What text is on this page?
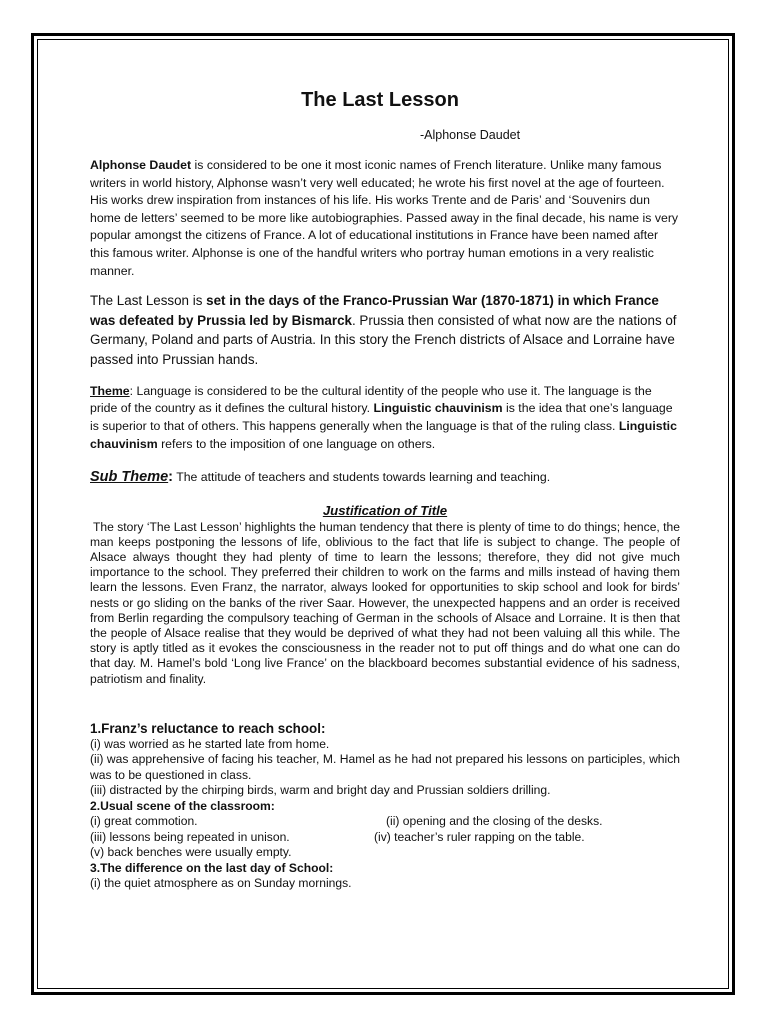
The Last Lesson
-Alphonse Daudet

Alphonse Daudet is considered to be one it most iconic names of French literature. Unlike many famous writers in world history, Alphonse wasn’t very well educated; he wrote his first novel at the age of fourteen. His works drew inspiration from instances of his life. His works Trente and de Paris’ and ‘Souvenirs dun home de letters’ seemed to be more like autobiographies. Passed away in the final decade, his name is very popular amongst the citizens of France. A lot of educational institutions in France have been named after this famous writer. Alphonse is one of the handful writers who portray human emotions in a very realistic manner.

The Last Lesson is set in the days of the Franco-Prussian War (1870-1871) in which France was defeated by Prussia led by Bismarck. Prussia then consisted of what now are the nations of Germany, Poland and parts of Austria. In this story the French districts of Alsace and Lorraine have passed into Prussian hands.

Theme: Language is considered to be the cultural identity of the people who use it. The language is the pride of the country as it defines the cultural history. Linguistic chauvinism is the idea that one’s language is superior to that of others. This happens generally when the language is that of the ruling class. Linguistic chauvinism refers to the imposition of one language on others.

Sub Theme: The attitude of teachers and students towards learning and teaching.

Justification of Title

The story ‘The Last Lesson’ highlights the human tendency that there is plenty of time to do things; hence, the man keeps postponing the lessons of life, oblivious to the fact that life is subject to change. The people of Alsace always thought they had plenty of time to learn the lessons; therefore, they did not give much importance to the school. They preferred their children to work on the farms and mills instead of having them learn the lessons. Even Franz, the narrator, always looked for opportunities to skip school and look for birds’ nests or go sliding on the banks of the river Saar. However, the unexpected happens and an order is received from Berlin regarding the compulsory teaching of German in the schools of Alsace and Lorraine. It is then that the people of Alsace realise that they would be deprived of what they had not been valuing all this while. The story is aptly titled as it evokes the consciousness in the reader not to put off things and do what one can do that day. M. Hamel’s bold ‘Long live France’ on the blackboard becomes substantial evidence of his sadness, patriotism and finality.

1.Franz’s reluctance to reach school:
(i) was worried as he started late from home.
(ii) was apprehensive of facing his teacher, M. Hamel as he had not prepared his lessons on participles, which was to be questioned in class.
(iii) distracted by the chirping birds, warm and bright day and Prussian soldiers drilling.
2.Usual scene of the classroom:
(i) great commotion.	(ii) opening and the closing of the desks.
(iii) lessons being repeated in unison.	(iv) teacher’s ruler rapping on the table.
(v) back benches were usually empty.
3.The difference on the last day of School:
(i) the quiet atmosphere as on Sunday mornings.
